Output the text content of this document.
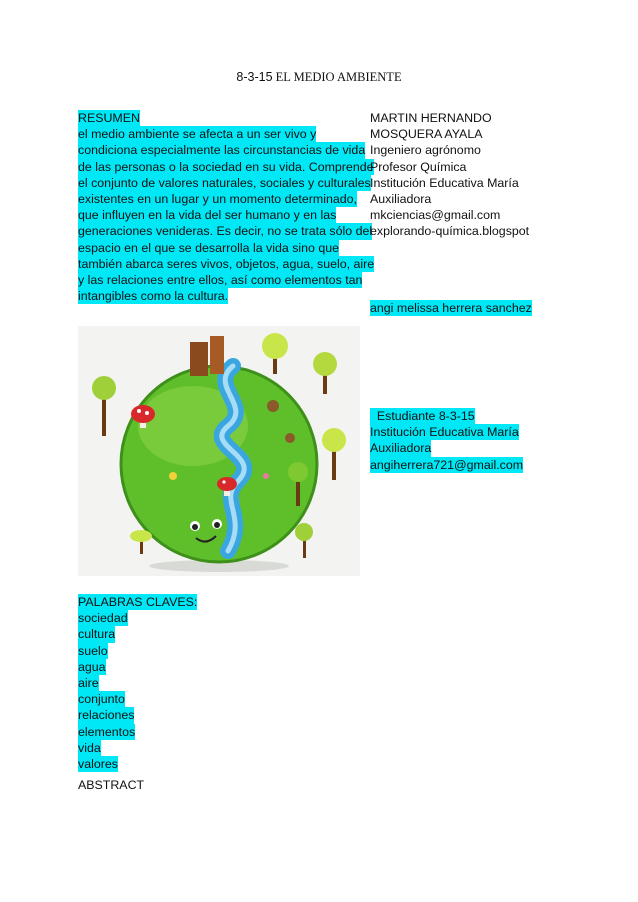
8-3-15 EL MEDIO AMBIENTE
RESUMEN
el medio ambiente se afecta a un ser vivo y
condiciona especialmente las circunstancias de vida
de las personas o la sociedad en su vida. Comprende
el conjunto de valores naturales, sociales y culturales
existentes en un lugar y un momento determinado,
que influyen en la vida del ser humano y en las
generaciones venideras. Es decir, no se trata sólo del
espacio en el que se desarrolla la vida sino que
también abarca seres vivos, objetos, agua, suelo, aire
y las relaciones entre ellos, así como elementos tan
intangibles como la cultura.
MARTIN HERNANDO
MOSQUERA AYALA
Ingeniero agrónomo
Profesor Química
Institución Educativa María
Auxiliadora
mkciencias@gmail.com
explorando-química.blogspot
angi melissa herrera sanchez
Estudiante 8-3-15
Institución Educativa María
Auxiliadora
angiherrera721@gmail.com
PALABRAS CLAVES:
sociedad
cultura
suelo
agua
aire
conjunto
relaciones
elementos
vida
valores
ABSTRACT
